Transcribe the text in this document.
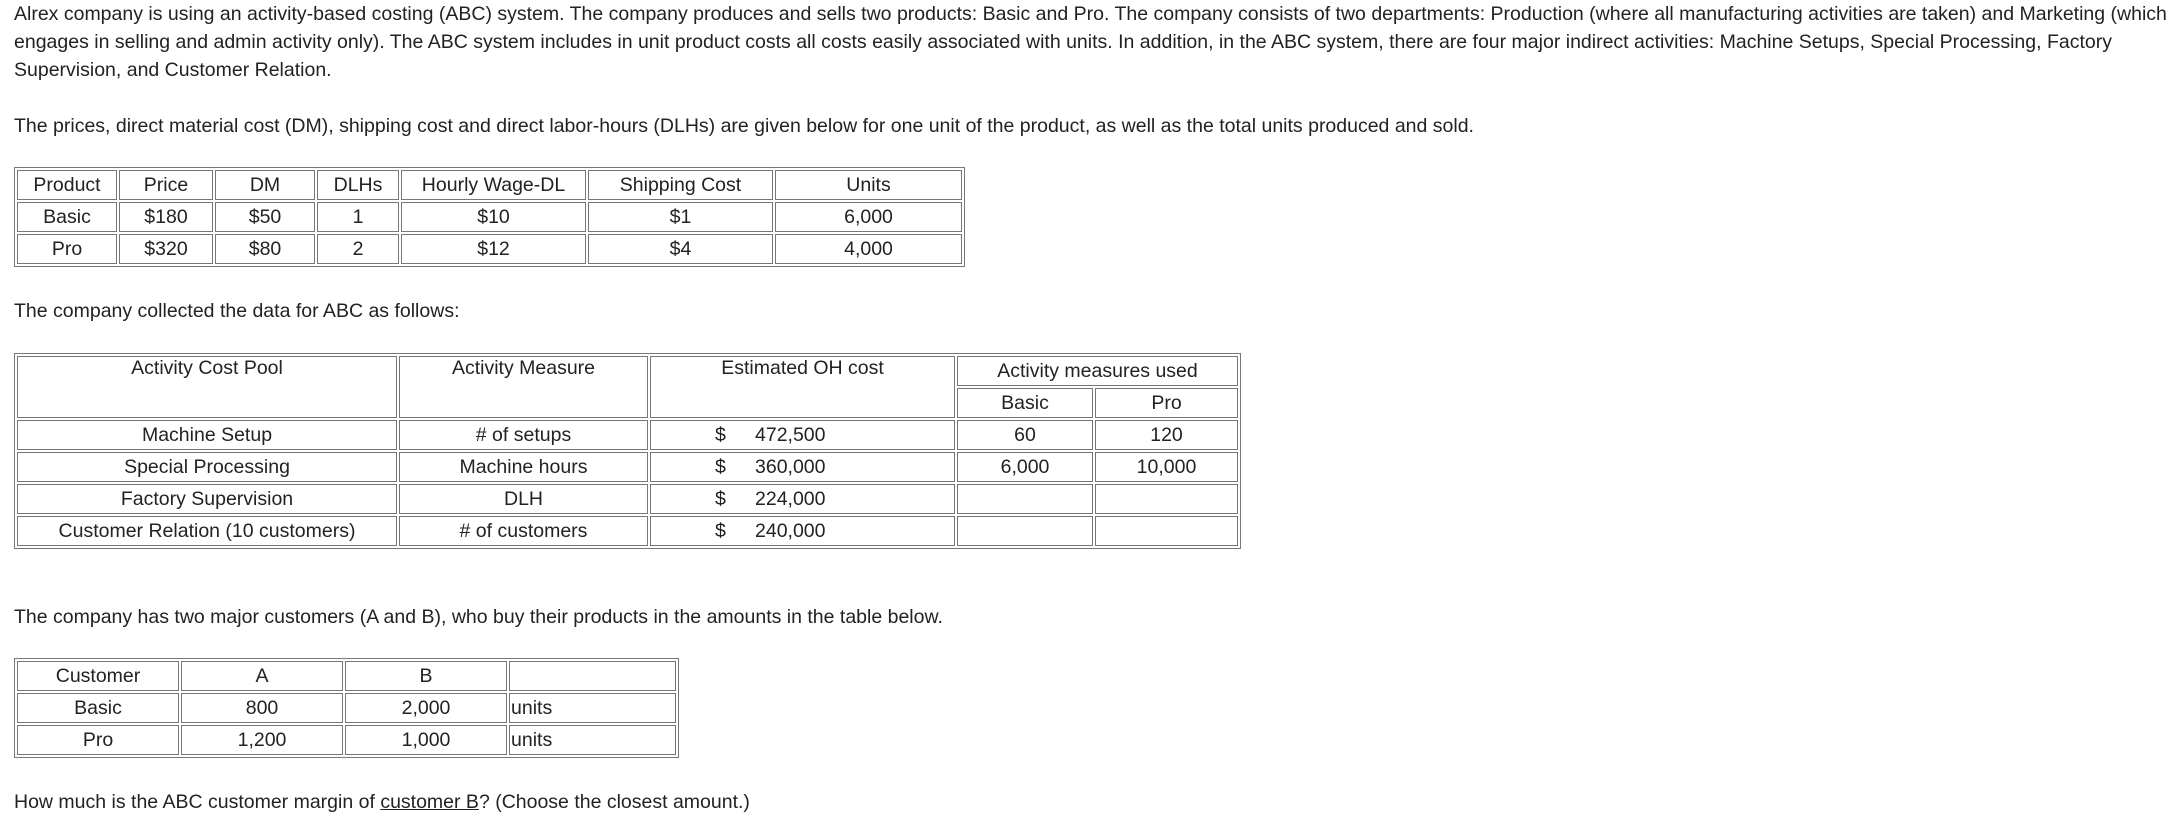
Alrex company is using an activity-based costing (ABC) system. The company produces and sells two products: Basic and Pro. The company consists of two departments: Production (where all manufacturing activities are taken) and Marketing (which engages in selling and admin activity only). The ABC system includes in unit product costs all costs easily associated with units. In addition, in the ABC system, there are four major indirect activities: Machine Setups, Special Processing, Factory Supervision, and Customer Relation.
The prices, direct material cost (DM), shipping cost and direct labor-hours (DLHs) are given below for one unit of the product, as well as the total units produced and sold.
Product	Price	DM	DLHs	Hourly Wage-DL	Shipping Cost	Units
Basic	$180	$50	1	$10	$1	6,000
Pro	$320	$80	2	$12	$4	4,000
The company collected the data for ABC as follows:
Activity Cost Pool	Activity Measure	Estimated OH cost	Activity measures used	
			Basic	Pro
Machine Setup	# of setups	$ 472,500	60	120
Special Processing	Machine hours	$ 360,000	6,000	10,000
Factory Supervision	DLH	$ 224,000		
Customer Relation (10 customers)	# of customers	$ 240,000		
The company has two major customers (A and B), who buy their products in the amounts in the table below.
Customer	A	B	
Basic	800	2,000	units
Pro	1,200	1,000	units
How much is the ABC customer margin of customer B? (Choose the closest amount.)
